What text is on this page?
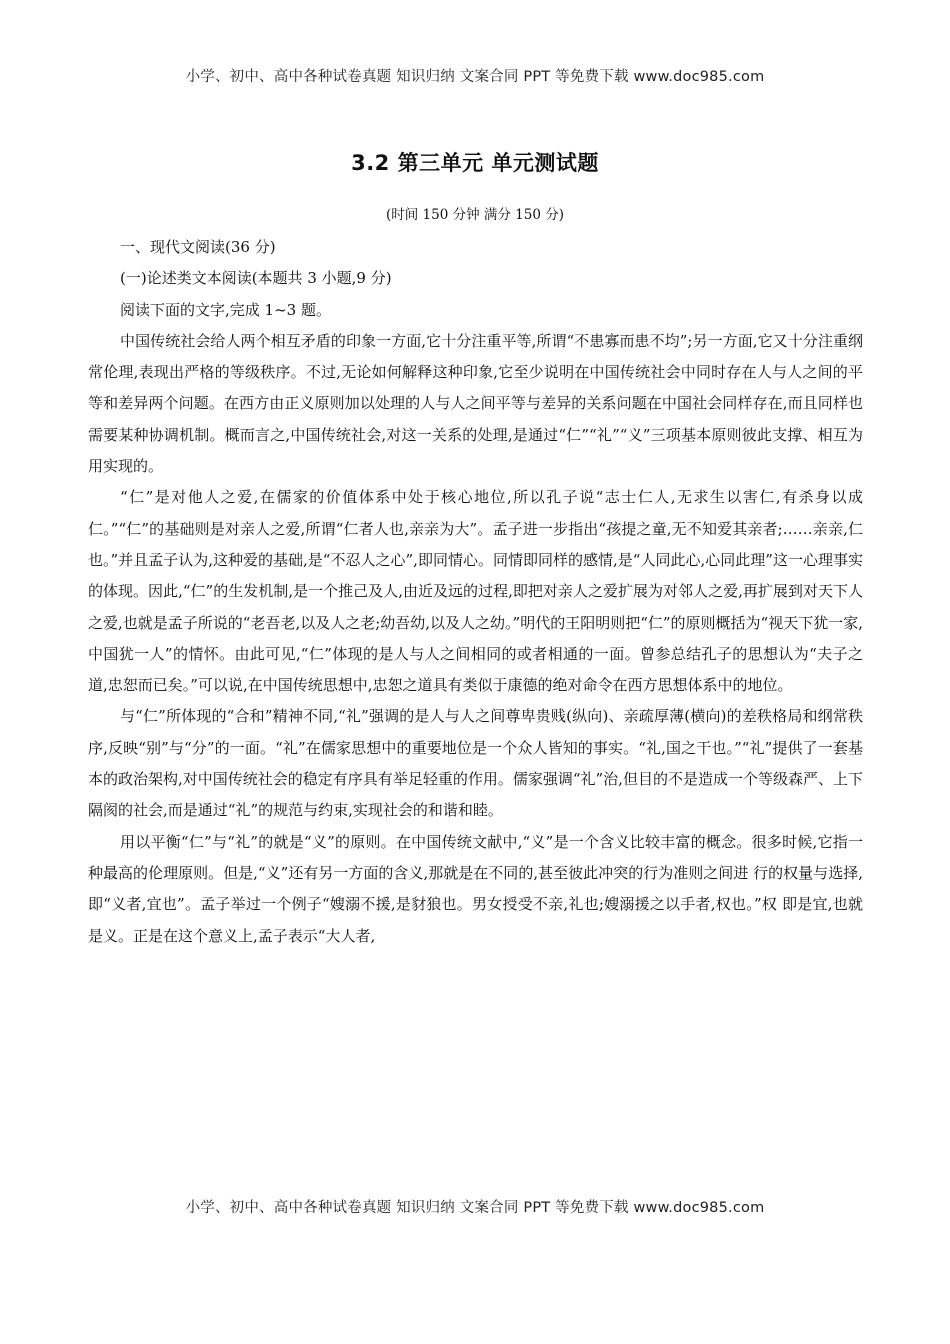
小学、初中、高中各种试卷真题 知识归纳 文案合同 PPT 等免费下载 www.doc985.com
3.2 第三单元 单元测试题
(时间 150 分钟 满分 150 分)

一、现代文阅读(36 分)

(一)论述类文本阅读(本题共 3 小题,9 分)

阅读下面的文字,完成 1~3 题。

中国传统社会给人两个相互矛盾的印象一方面,它十分注重平等,所谓“不患寡而患不均”;另一方面,它又十分注重纲常伦理,表现出严格的等级秩序。不过,无论如何解释这种印象,它至少说明在中国传统社会中同时存在人与人之间的平等和差异两个问题。在西方由正义原则加以处理的人与人之间平等与差异的关系问题在中国社会同样存在,而且同样也需要某种协调机制。概而言之,中国传统社会,对这一关系的处理,是通过“仁”“礼”“义”三项基本原则彼此支撑、相互为用实现的。

“仁”是对他人之爱,在儒家的价值体系中处于核心地位,所以孔子说“志士仁人,无求生以害仁,有杀身以成仁。”“仁”的基础则是对亲人之爱,所谓“仁者人也,亲亲为大”。孟子进一步指出“孩提之童,无不知爱其亲者;……亲亲,仁也。”并且孟子认为,这种爱的基础,是“不忍人之心”,即同情心。同情即同样的感情,是“人同此心,心同此理”这一心理事实的体现。因此,“仁”的生发机制,是一个推己及人,由近及远的过程,即把对亲人之爱扩展为对邻人之爱,再扩展到对天下人之爱,也就是孟子所说的“老吾老,以及人之老;幼吾幼,以及人之幼。”明代的王阳明则把“仁”的原则概括为“视天下犹一家,中国犹一人”的情怀。由此可见,“仁”体现的是人与人之间相同的或者相通的一面。曾参总结孔子的思想认为“夫子之道,忠恕而已矣。”可以说,在中国传统思想中,忠恕之道具有类似于康德的绝对命令在西方思想体系中的地位。

与“仁”所体现的“合和”精神不同,“礼”强调的是人与人之间尊卑贵贱(纵向)、亲疏厚薄(横向)的差秩格局和纲常秩序,反映“别”与“分”的一面。“礼”在儒家思想中的重要地位是一个众人皆知的事实。“礼,国之干也。”“礼”提供了一套基本的政治架构,对中国传统社会的稳定有序具有举足轻重的作用。儒家强调“礼”治,但目的不是造成一个等级森严、上下隔阂的社会,而是通过“礼”的规范与约束,实现社会的和谐和睦。

用以平衡“仁”与“礼”的就是“义”的原则。在中国传统文献中,“义”是一个含义比较丰富的概念。很多时候,它指一种最高的伦理原则。但是,“义”还有另一方面的含义,那就是在不同的,甚至彼此冲突的行为准则之间进 行的权量与选择,即“义者,宜也”。孟子举过一个例子“嫂溺不援,是豺狼也。男女授受不亲,礼也;嫂溺援之以手者,权也。”权 即是宜,也就是义。正是在这个意义上,孟子表示“大人者,

小学、初中、高中各种试卷真题 知识归纳 文案合同 PPT 等免费下载 www.doc985.com
